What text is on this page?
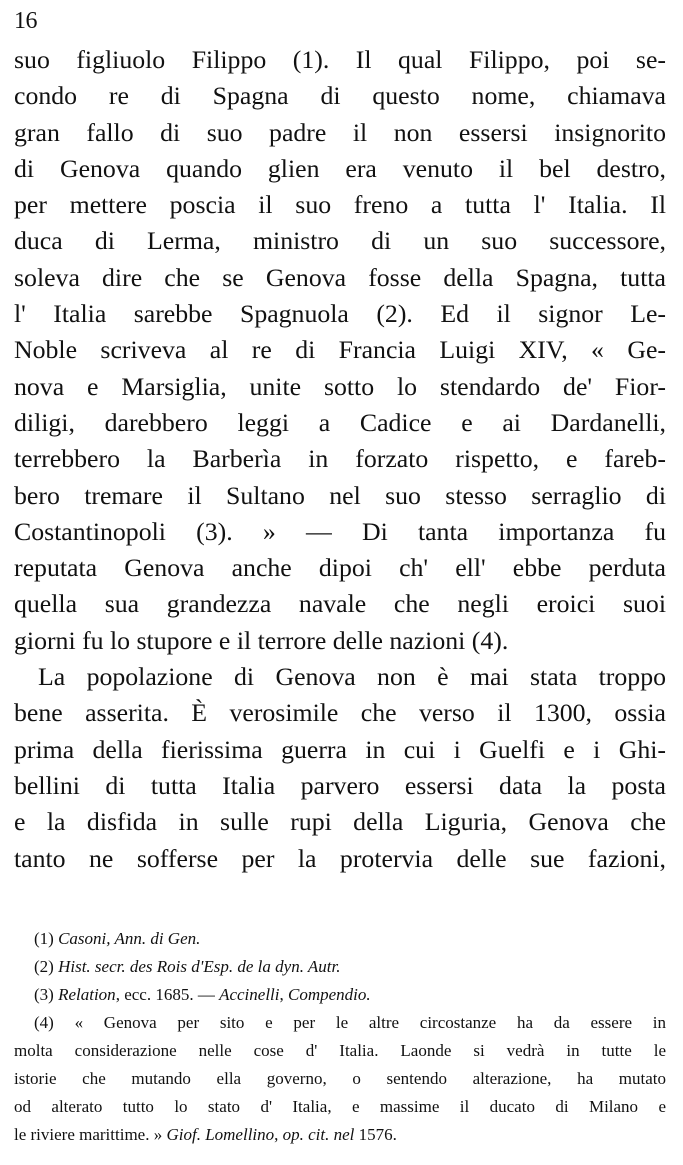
16
suo figliuolo Filippo (1). Il qual Filippo, poi se-
condo re di Spagna di questo nome, chiamava
gran fallo di suo padre il non essersi insignorito
di Genova quando glien era venuto il bel destro,
per mettere poscia il suo freno a tutta l' Italia. Il
duca di Lerma, ministro di un suo successore,
soleva dire che se Genova fosse della Spagna, tutta
l' Italia sarebbe Spagnuola (2). Ed il signor Le-
Noble scriveva al re di Francia Luigi XIV, « Ge-
nova e Marsiglia, unite sotto lo stendardo de' Fior-
diligi, darebbero leggi a Cadice e ai Dardanelli,
terrebbero la Barberìa in forzato rispetto, e fareb-
bero tremare il Sultano nel suo stesso serraglio di
Costantinopoli (3). » — Di tanta importanza fu
reputata Genova anche dipoi ch' ell' ebbe perduta
quella sua grandezza navale che negli eroici suoi
giorni fu lo stupore e il terrore delle nazioni (4).
La popolazione di Genova non è mai stata troppo
bene asserita. È verosimile che verso il 1300, ossia
prima della fierissima guerra in cui i Guelfi e i Ghi-
bellini di tutta Italia parvero essersi data la posta
e la disfida in sulle rupi della Liguria, Genova che
tanto ne sofferse per la protervia delle sue fazioni,
(1) Casoni, Ann. di Gen.
(2) Hist. secr. des Rois d'Esp. de la dyn. Autr.
(3) Relation, ecc. 1685. — Accinelli, Compendio.
(4) « Genova per sito e per le altre circostanze ha da essere in
molta considerazione nelle cose d' Italia. Laonde si vedrà in tutte le
istorie che mutando ella governo, o sentendo alterazione, ha mutato
od alterato tutto lo stato d' Italia, e massime il ducato di Milano e
le riviere marittime. » Giof. Lomellino, op. cit. nel 1576.
